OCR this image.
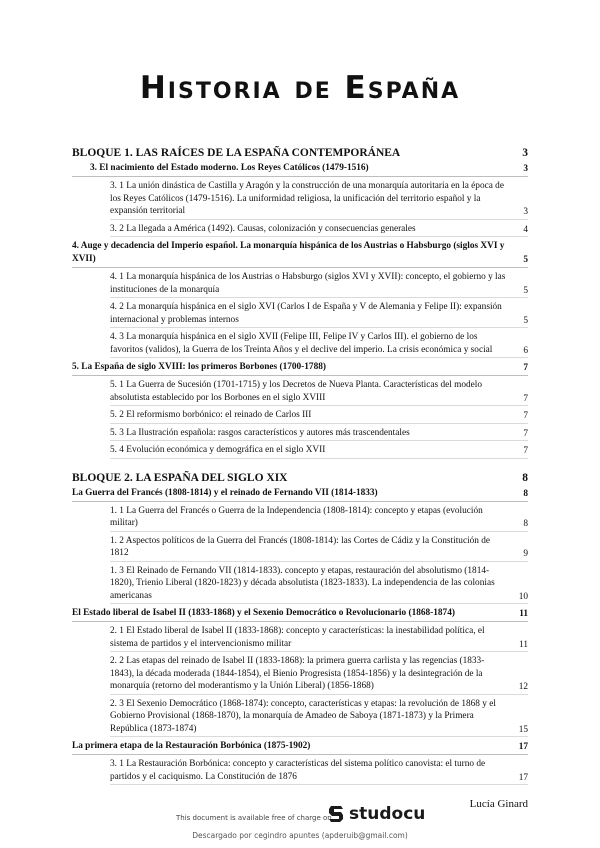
Historia de España
BLOQUE 1. LAS RAÍCES DE LA ESPAÑA CONTEMPORÁNEA	3
3. El nacimiento del Estado moderno. Los Reyes Católicos (1479-1516)	3
3. 1 La unión dinástica de Castilla y Aragón y la construcción de una monarquía autoritaria en la época de los Reyes Católicos (1479-1516). La uniformidad religiosa, la unificación del territorio español y la expansión territorial	3
3. 2 La llegada a América (1492). Causas, colonización y consecuencias generales	4
4. Auge y decadencia del Imperio español. La monarquía hispánica de los Austrias o Habsburgo (siglos XVI y XVII)	5
4. 1 La monarquía hispánica de los Austrias o Habsburgo (siglos XVI y XVII): concepto, el gobierno y las instituciones de la monarquía	5
4. 2 La monarquía hispánica en el siglo XVI (Carlos I de España y V de Alemania y Felipe II): expansión internacional y problemas internos	5
4. 3 La monarquía hispánica en el siglo XVII (Felipe III, Felipe IV y Carlos III). el gobierno de los favoritos (validos), la Guerra de los Treinta Años y el declive del imperio. La crisis económica y social	6
5. La España de siglo XVIII: los primeros Borbones (1700-1788)	7
5. 1 La Guerra de Sucesión (1701-1715) y los Decretos de Nueva Planta. Características del modelo absolutista establecido por los Borbones en el siglo XVIII	7
5. 2 El reformismo borbónico: el reinado de Carlos III	7
5. 3 La Ilustración española: rasgos característicos y autores más trascendentales	7
5. 4 Evolución económica y demográfica en el siglo XVII	7
BLOQUE 2. LA ESPAÑA DEL SIGLO XIX	8
La Guerra del Francés (1808-1814) y el reinado de Fernando VII (1814-1833)	8
1. 1 La Guerra del Francés o Guerra de la Independencia (1808-1814): concepto y etapas (evolución militar)	8
1. 2 Aspectos políticos de la Guerra del Francés (1808-1814): las Cortes de Cádiz y la Constitución de 1812	9
1. 3 El Reinado de Fernando VII (1814-1833). concepto y etapas, restauración del absolutismo (1814-1820), Trienio Liberal (1820-1823) y década absolutista (1823-1833). La independencia de las colonias americanas	10
El Estado liberal de Isabel II (1833-1868) y el Sexenio Democrático o Revolucionario (1868-1874)	11
2. 1 El Estado liberal de Isabel II (1833-1868): concepto y características: la inestabilidad política, el sistema de partidos y el intervencionismo militar	11
2. 2 Las etapas del reinado de Isabel II (1833-1868): la primera guerra carlista y las regencias (1833-1843), la década moderada (1844-1854), el Bienio Progresista (1854-1856) y la desintegración de la monarquía (retorno del moderantismo y la Unión Liberal) (1856-1868)	12
2. 3 El Sexenio Democrático (1868-1874): concepto, características y etapas: la revolución de 1868 y el Gobierno Provisional (1868-1870), la monarquía de Amadeo de Saboya (1871-1873) y la Primera República (1873-1874)	15
La primera etapa de la Restauración Borbónica (1875-1902)	17
3. 1 La Restauración Borbónica: concepto y características del sistema político canovista: el turno de partidos y el caciquismo. La Constitución de 1876	17
Lucía Ginard
This document is available free of charge on studocu
Descargado por cegindro apuntes (apderuib@gmail.com)
